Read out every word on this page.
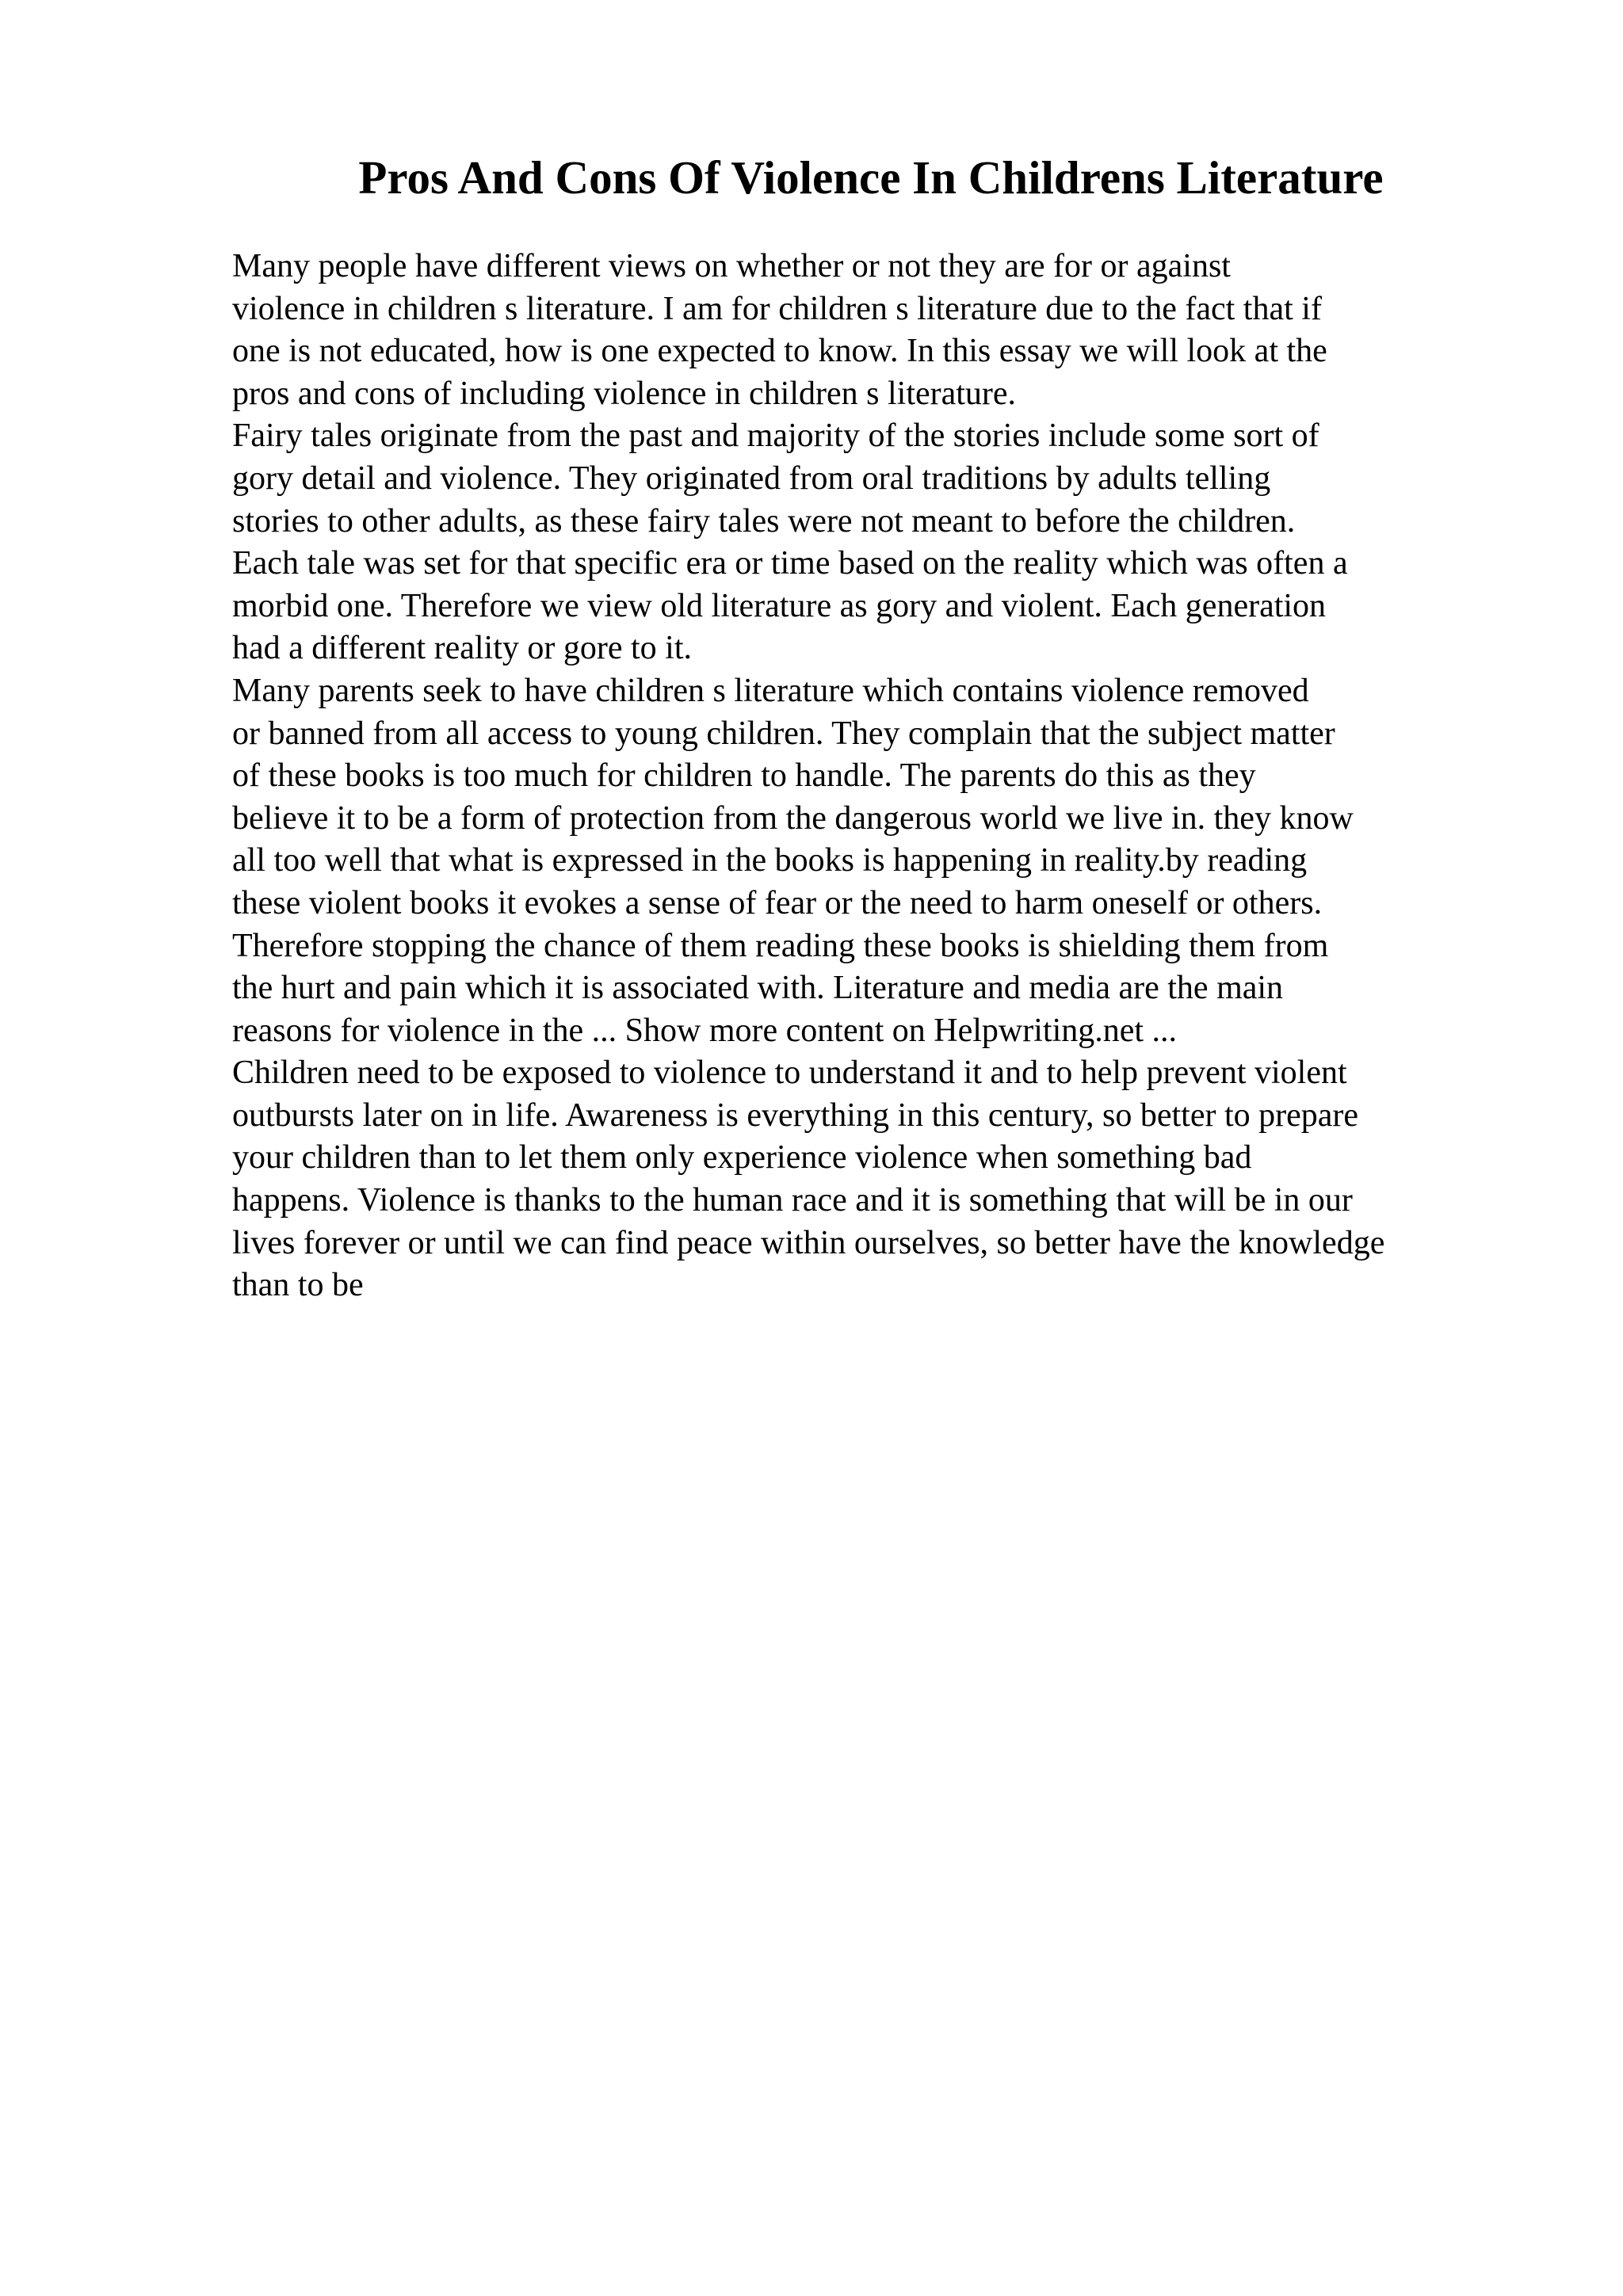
Pros And Cons Of Violence In Childrens Literature
Many people have different views on whether or not they are for or against
violence in children s literature. I am for children s literature due to the fact that if
one is not educated, how is one expected to know. In this essay we will look at the
pros and cons of including violence in children s literature.
Fairy tales originate from the past and majority of the stories include some sort of
gory detail and violence. They originated from oral traditions by adults telling
stories to other adults, as these fairy tales were not meant to before the children.
Each tale was set for that specific era or time based on the reality which was often a
morbid one. Therefore we view old literature as gory and violent. Each generation
had a different reality or gore to it.
Many parents seek to have children s literature which contains violence removed
or banned from all access to young children. They complain that the subject matter
of these books is too much for children to handle. The parents do this as they
believe it to be a form of protection from the dangerous world we live in. they know
all too well that what is expressed in the books is happening in reality.by reading
these violent books it evokes a sense of fear or the need to harm oneself or others.
Therefore stopping the chance of them reading these books is shielding them from
the hurt and pain which it is associated with. Literature and media are the main
reasons for violence in the ... Show more content on Helpwriting.net ...
Children need to be exposed to violence to understand it and to help prevent violent
outbursts later on in life. Awareness is everything in this century, so better to prepare
your children than to let them only experience violence when something bad
happens. Violence is thanks to the human race and it is something that will be in our
lives forever or until we can find peace within ourselves, so better have the knowledge
than to be
